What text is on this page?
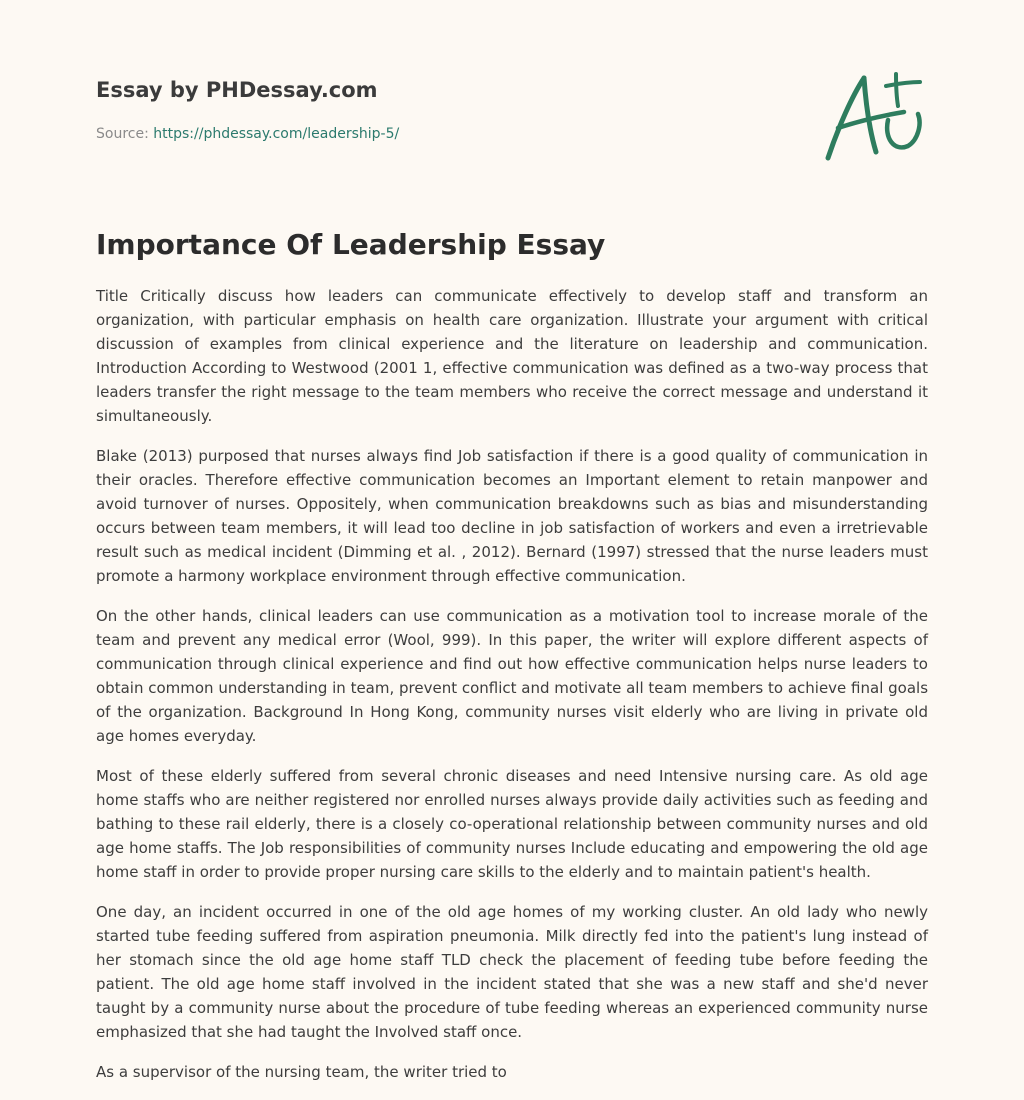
Essay by PHDessay.com
Source: https://phdessay.com/leadership-5/
Importance Of Leadership Essay

Title Critically discuss how leaders can communicate effectively to develop staff and transform an organization, with particular emphasis on health care organization. Illustrate your argument with critical discussion of examples from clinical experience and the literature on leadership and communication. Introduction According to Westwood (2001 1, effective communication was defined as a two-way process that leaders transfer the right message to the team members who receive the correct message and understand it simultaneously.

Blake (2013) purposed that nurses always find Job satisfaction if there is a good quality of communication in their oracles. Therefore effective communication becomes an Important element to retain manpower and avoid turnover of nurses. Oppositely, when communication breakdowns such as bias and misunderstanding occurs between team members, it will lead too decline in job satisfaction of workers and even a irretrievable result such as medical incident (Dimming et al. , 2012). Bernard (1997) stressed that the nurse leaders must promote a harmony workplace environment through effective communication.

On the other hands, clinical leaders can use communication as a motivation tool to increase morale of the team and prevent any medical error (Wool, 999). In this paper, the writer will explore different aspects of communication through clinical experience and find out how effective communication helps nurse leaders to obtain common understanding in team, prevent conflict and motivate all team members to achieve final goals of the organization. Background In Hong Kong, community nurses visit elderly who are living in private old age homes everyday.

Most of these elderly suffered from several chronic diseases and need Intensive nursing care. As old age home staffs who are neither registered nor enrolled nurses always provide daily activities such as feeding and bathing to these rail elderly, there is a closely co-operational relationship between community nurses and old age home staffs. The Job responsibilities of community nurses Include educating and empowering the old age home staff in order to provide proper nursing care skills to the elderly and to maintain patient's health.

One day, an incident occurred in one of the old age homes of my working cluster. An old lady who newly started tube feeding suffered from aspiration pneumonia. Milk directly fed into the patient's lung instead of her stomach since the old age home staff TLD check the placement of feeding tube before feeding the patient. The old age home staff involved in the incident stated that she was a new staff and she'd never taught by a community nurse about the procedure of tube feeding whereas an experienced community nurse emphasized that she had taught the Involved staff once.

As a supervisor of the nursing team, the writer tried to
